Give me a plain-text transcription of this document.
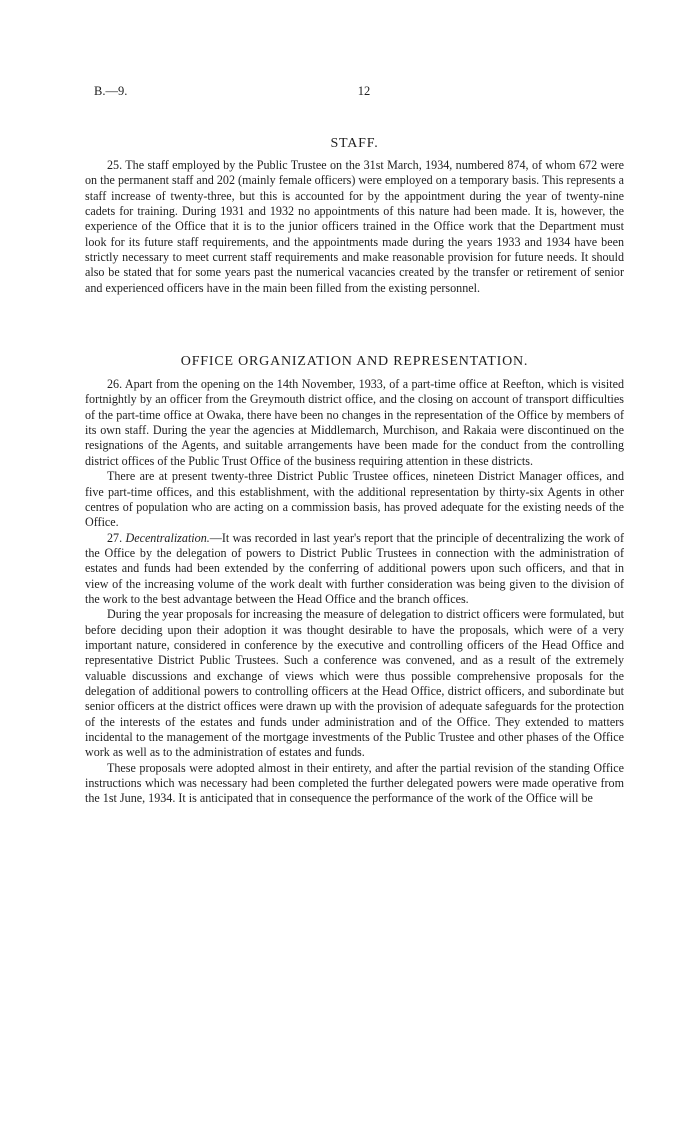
B.—9.	12
STAFF.

25. The staff employed by the Public Trustee on the 31st March, 1934, numbered 874, of whom 672 were on the permanent staff and 202 (mainly female officers) were employed on a temporary basis. This represents a staff increase of twenty-three, but this is accounted for by the appointment during the year of twenty-nine cadets for training. During 1931 and 1932 no appointments of this nature had been made. It is, however, the experience of the Office that it is to the junior officers trained in the Office work that the Department must look for its future staff requirements, and the appointments made during the years 1933 and 1934 have been strictly necessary to meet current staff requirements and make reasonable provision for future needs. It should also be stated that for some years past the numerical vacancies created by the transfer or retirement of senior and experienced officers have in the main been filled from the existing personnel.

OFFICE ORGANIZATION AND REPRESENTATION.

26. Apart from the opening on the 14th November, 1933, of a part-time office at Reefton, which is visited fortnightly by an officer from the Greymouth district office, and the closing on account of transport difficulties of the part-time office at Owaka, there have been no changes in the representation of the Office by members of its own staff. During the year the agencies at Middlemarch, Murchison, and Rakaia were discontinued on the resignations of the Agents, and suitable arrangements have been made for the conduct from the controlling district offices of the Public Trust Office of the business requiring attention in these districts.

There are at present twenty-three District Public Trustee offices, nineteen District Manager offices, and five part-time offices, and this establishment, with the additional representation by thirty-six Agents in other centres of population who are acting on a commission basis, has proved adequate for the existing needs of the Office.

27. Decentralization.—It was recorded in last year's report that the principle of decentralizing the work of the Office by the delegation of powers to District Public Trustees in connection with the administration of estates and funds had been extended by the conferring of additional powers upon such officers, and that in view of the increasing volume of the work dealt with further consideration was being given to the division of the work to the best advantage between the Head Office and the branch offices.

During the year proposals for increasing the measure of delegation to district officers were formulated, but before deciding upon their adoption it was thought desirable to have the proposals, which were of a very important nature, considered in conference by the executive and controlling officers of the Head Office and representative District Public Trustees. Such a conference was convened, and as a result of the extremely valuable discussions and exchange of views which were thus possible comprehensive proposals for the delegation of additional powers to controlling officers at the Head Office, district officers, and subordinate but senior officers at the district offices were drawn up with the provision of adequate safeguards for the protection of the interests of the estates and funds under administration and of the Office. They extended to matters incidental to the management of the mortgage investments of the Public Trustee and other phases of the Office work as well as to the administration of estates and funds.

These proposals were adopted almost in their entirety, and after the partial revision of the standing Office instructions which was necessary had been completed the further delegated powers were made operative from the 1st June, 1934. It is anticipated that in consequence the performance of the work of the Office will be
